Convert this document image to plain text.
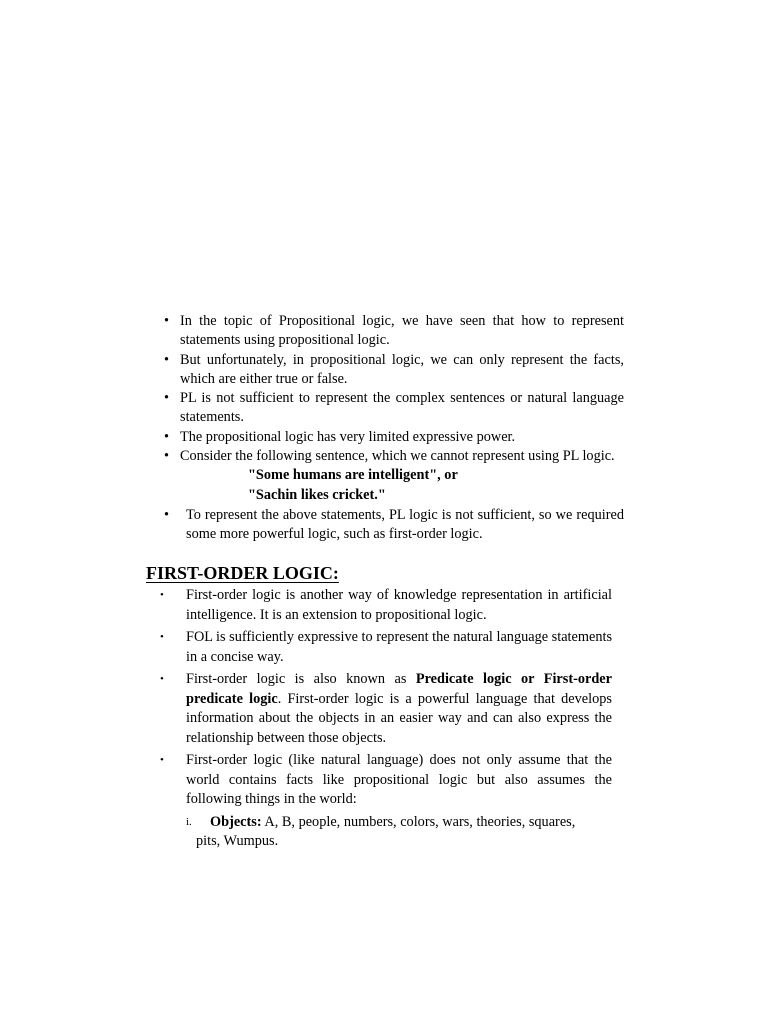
• In the topic of Propositional logic, we have seen that how to represent statements using propositional logic.
• But unfortunately, in propositional logic, we can only represent the facts, which are either true or false.
• PL is not sufficient to represent the complex sentences or natural language statements.
• The propositional logic has very limited expressive power.
• Consider the following sentence, which we cannot represent using PL logic.
"Some humans are intelligent", or
"Sachin likes cricket."
• To represent the above statements, PL logic is not sufficient, so we required some more powerful logic, such as first-order logic.
FIRST-ORDER LOGIC:
• First-order logic is another way of knowledge representation in artificial intelligence. It is an extension to propositional logic.
• FOL is sufficiently expressive to represent the natural language statements in a concise way.
• First-order logic is also known as Predicate logic or First-order predicate logic. First-order logic is a powerful language that develops information about the objects in an easier way and can also express the relationship between those objects.
• First-order logic (like natural language) does not only assume that the world contains facts like propositional logic but also assumes the following things in the world:
i. Objects: A, B, people, numbers, colors, wars, theories, squares,
pits, Wumpus.
